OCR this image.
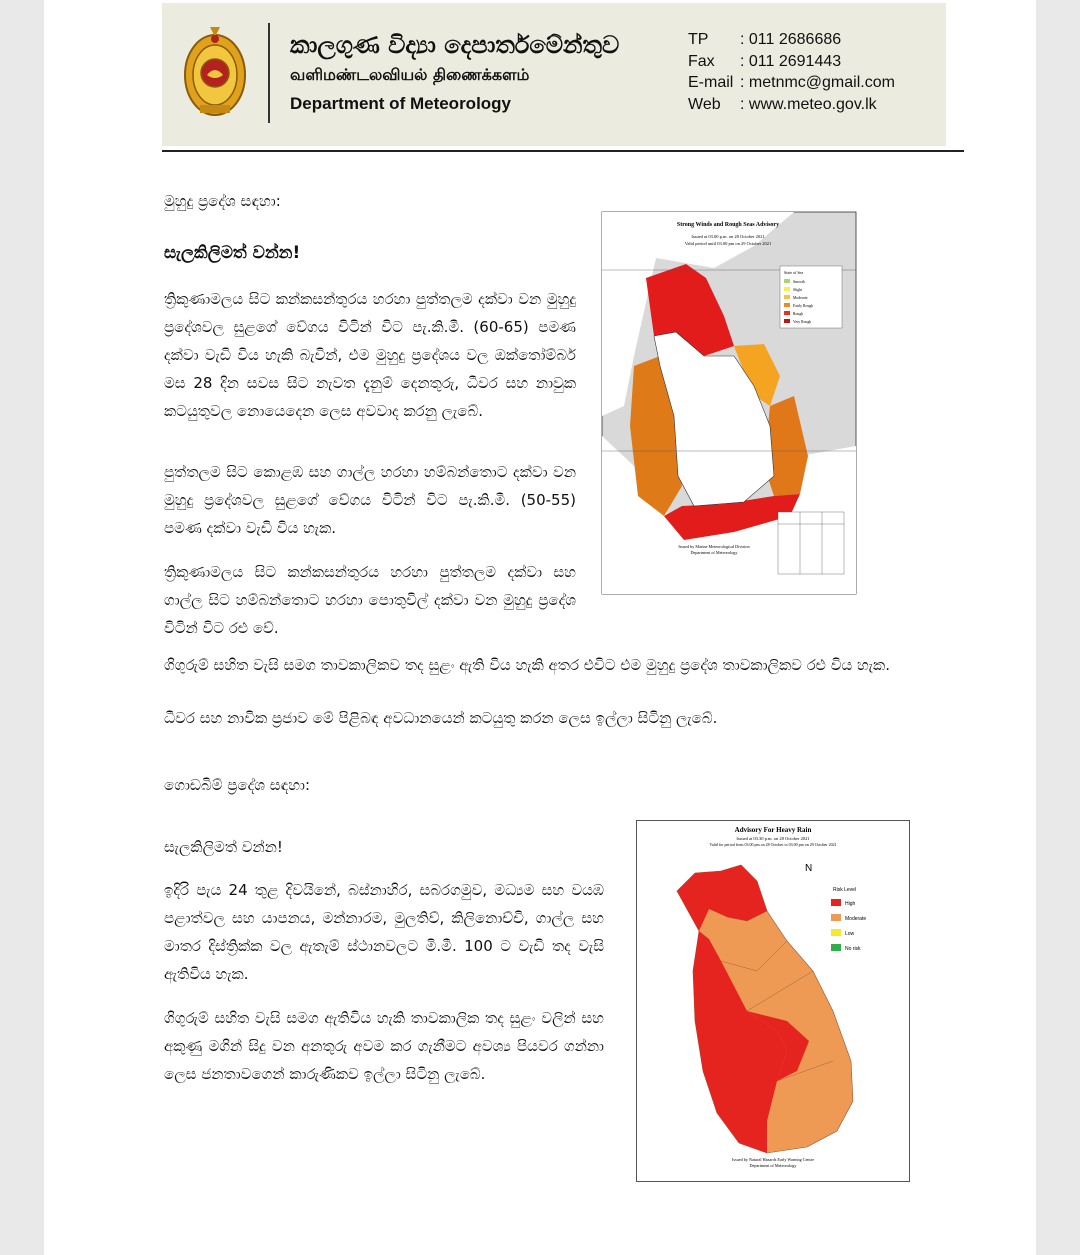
කාලගුණ විද්‍යා දෙපාර්තමේන්තුව
வளிமண்டலவியல் திணைக்களம்
Department of Meteorology
TP : 011 2686686
Fax : 011 2691443
E-mail : metnmc@gmail.com
Web : www.meteo.gov.lk
මුහුදු ප්‍රදේශ සඳහා:
සැලකිලිමත් වන්න!
ත්‍රිකුණාමලය සිට කන්කසන්තුරය හරහා පුත්තලම දක්වා වන මුහුදු ප්‍රදේශවල සුළගේ වේගය විටින් විට පැ.කි.මී. (60-65) පමණ දක්වා වැඩි විය හැකි බැවින්, එම මුහුදු ප්‍රදේශය වල ඔක්තෝම්බර් මස 28 දින සවස සිට නැවත දැනුම් දෙනතුරු, ධීවර සහ නාවුක කටයුතුවල නොයෙදෙන ලෙස අවවාද කරනු ලැබේ.
පුත්තලම සිට කොළඹ සහ ගාල්ල හරහා හම්බන්තොට දක්වා වන මුහුදු ප්‍රදේශවල සුළගේ වේගය විටින් විට පැ.කි.මී. (50-55) පමණ දක්වා වැඩි විය හැක.
ත්‍රිකුණාමලය සිට කන්කසන්තුරය හරහා පුත්තලම දක්වා සහ ගාල්ල සිට හම්බන්තොට හරහා පොතුවිල් දක්වා වන මුහුදු ප්‍රදේශ විටින් විට රළු වේ.
ගිගුරුම් සහිත වැසි සමග තාවකාලිකව තද සුළං ඇති විය හැකි අතර එවිට එම මුහුදු ප්‍රදේශ තාවකාලිකව රළු විය හැක.
ධීවර සහ නාවික ප්‍රජාව මේ පිළිබඳ අවධානයෙන් කටයුතු කරන ලෙස ඉල්ලා සිටිනු ලැබේ.
Strong Winds and Rough Seas Advisory
Issued at 03.00 p.m. on 28 October 2021
Valid period until 03.00 pm on 29 October 2021
State of Sea
Smooth
Slight
Moderate
Fairly Rough
Rough
Very Rough
Issued by Marine Meteorological Division
Department of Meteorology
ගොඩබිම් ප්‍රදේශ සඳහා:
සැලකිලිමත් වන්න!
ඉදිරි පැය 24 තුළ දිවයිනේ, බස්නාහිර, සබරගමුව, මධ්‍යම සහ වයඹ පළාත්වල සහ යාපනය, මන්නාරම, මුලතිව්, කිලිනොච්චි, ගාල්ල සහ මාතර දිස්ත්‍රික්ක වල ඇතැම් ස්ථානවලට මි.මී. 100 ට වැඩි තද වැසි ඇතිවිය හැක.
ගිගුරුම් සහිත වැසි සමග ඇතිවිය හැකි තාවකාලික තද සුළං වලින් සහ අකුණු මගින් සිදු වන අනතුරු අවම කර ගැනීමට අවශ්‍ය පියවර ගන්නා ලෙස ජනතාවගෙන් කාරුණිකව ඉල්ලා සිටිනු ලැබේ.
Advisory For Heavy Rain
Issued at 03.30 p.m. on 28 October 2021
Valid for period from 03.00 pm on 28 October to 03.00 pm on 29 October 2021
N
Risk Level
High
Moderate
Low
No risk
Issued by Natural Hazards Early Warning Centre
Department of Meteorology
